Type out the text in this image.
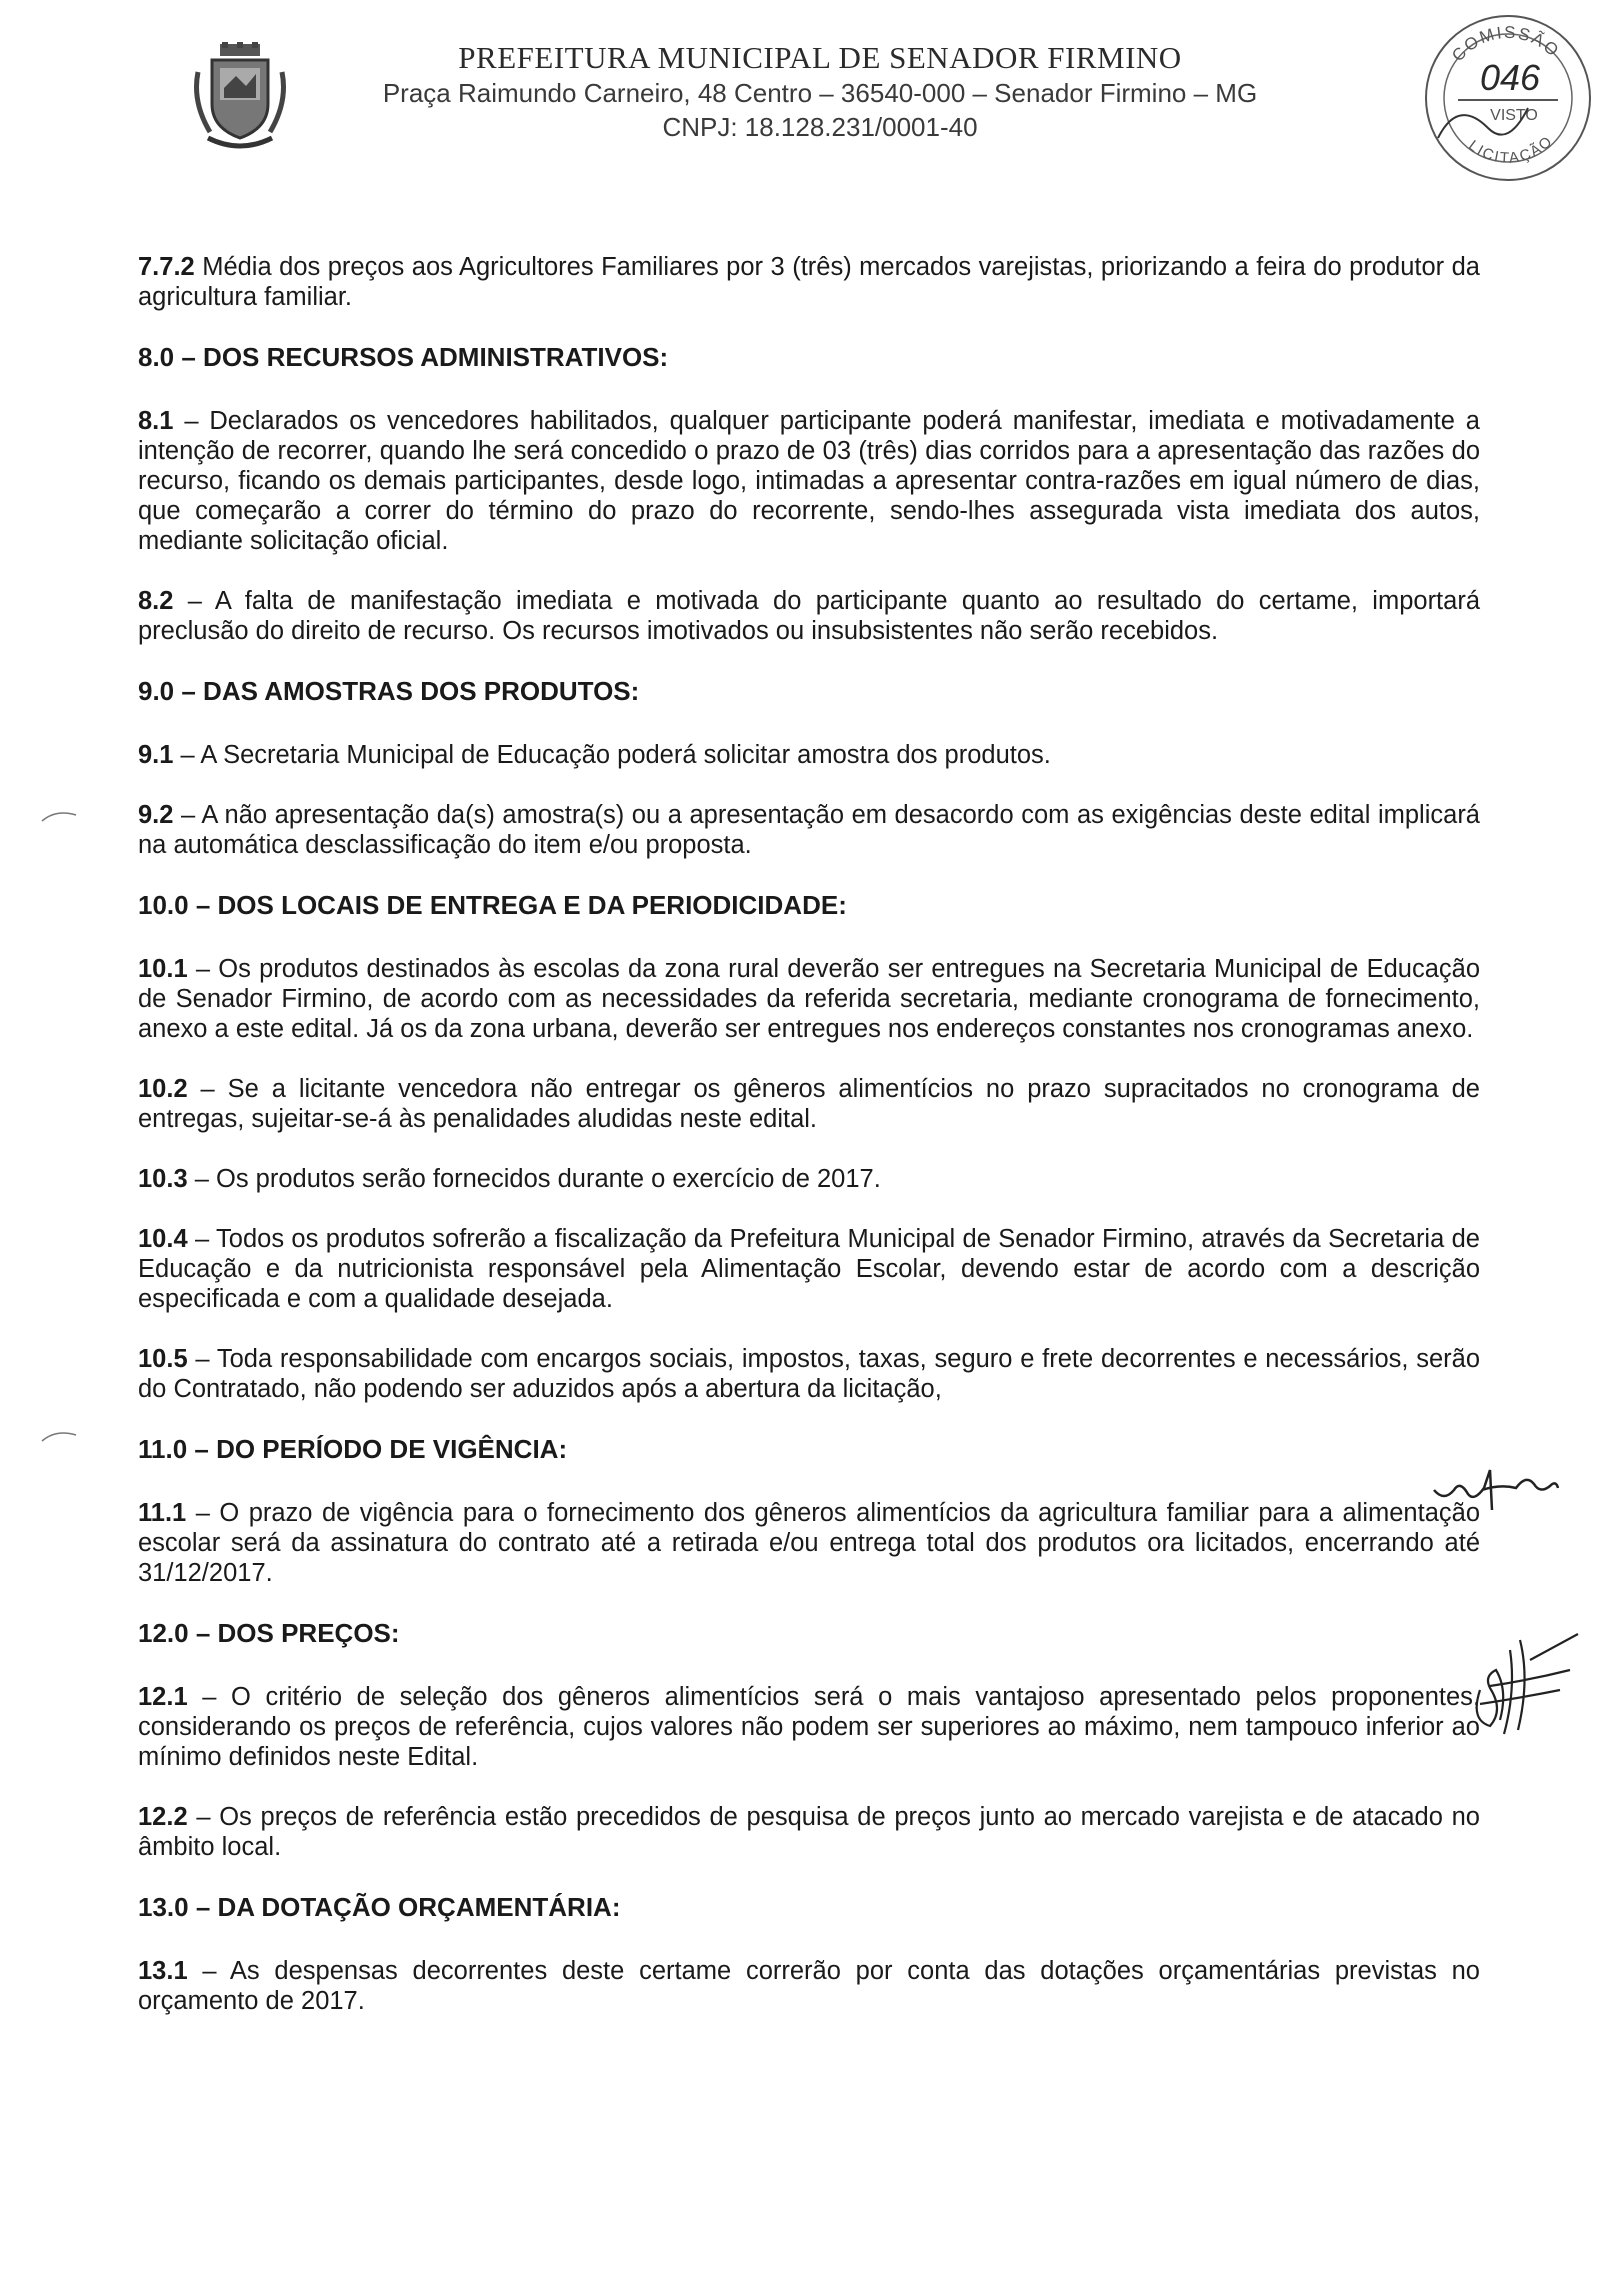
PREFEITURA MUNICIPAL DE SENADOR FIRMINO
Praça Raimundo Carneiro, 48 Centro – 36540-000 – Senador Firmino – MG
CNPJ: 18.128.231/0001-40
COMISSÃO
046
VISTO
LICITAÇÃO
7.7.2 Média dos preços aos Agricultores Familiares por 3 (três) mercados varejistas, priorizando a feira do produtor da agricultura familiar.
8.0 – DOS RECURSOS ADMINISTRATIVOS:
8.1 – Declarados os vencedores habilitados, qualquer participante poderá manifestar, imediata e motivadamente a intenção de recorrer, quando lhe será concedido o prazo de 03 (três) dias corridos para a apresentação das razões do recurso, ficando os demais participantes, desde logo, intimadas a apresentar contra-razões em igual número de dias, que começarão a correr do término do prazo do recorrente, sendo-lhes assegurada vista imediata dos autos, mediante solicitação oficial.
8.2 – A falta de manifestação imediata e motivada do participante quanto ao resultado do certame, importará preclusão do direito de recurso. Os recursos imotivados ou insubsistentes não serão recebidos.
9.0 – DAS AMOSTRAS DOS PRODUTOS:
9.1 – A Secretaria Municipal de Educação poderá solicitar amostra dos produtos.
9.2 – A não apresentação da(s) amostra(s) ou a apresentação em desacordo com as exigências deste edital implicará na automática desclassificação do item e/ou proposta.
10.0 – DOS LOCAIS DE ENTREGA E DA PERIODICIDADE:
10.1 – Os produtos destinados às escolas da zona rural deverão ser entregues na Secretaria Municipal de Educação de Senador Firmino, de acordo com as necessidades da referida secretaria, mediante cronograma de fornecimento, anexo a este edital. Já os da zona urbana, deverão ser entregues nos endereços constantes nos cronogramas anexo.
10.2 – Se a licitante vencedora não entregar os gêneros alimentícios no prazo supracitados no cronograma de entregas, sujeitar-se-á às penalidades aludidas neste edital.
10.3 – Os produtos serão fornecidos durante o exercício de 2017.
10.4 – Todos os produtos sofrerão a fiscalização da Prefeitura Municipal de Senador Firmino, através da Secretaria de Educação e da nutricionista responsável pela Alimentação Escolar, devendo estar de acordo com a descrição especificada e com a qualidade desejada.
10.5 – Toda responsabilidade com encargos sociais, impostos, taxas, seguro e frete decorrentes e necessários, serão do Contratado, não podendo ser aduzidos após a abertura da licitação,
11.0 – DO PERÍODO DE VIGÊNCIA:
11.1 – O prazo de vigência para o fornecimento dos gêneros alimentícios da agricultura familiar para a alimentação escolar será da assinatura do contrato até a retirada e/ou entrega total dos produtos ora licitados, encerrando até 31/12/2017.
12.0 – DOS PREÇOS:
12.1 – O critério de seleção dos gêneros alimentícios será o mais vantajoso apresentado pelos proponentes, considerando os preços de referência, cujos valores não podem ser superiores ao máximo, nem tampouco inferior ao mínimo definidos neste Edital.
12.2 – Os preços de referência estão precedidos de pesquisa de preços junto ao mercado varejista e de atacado no âmbito local.
13.0 – DA DOTAÇÃO ORÇAMENTÁRIA:
13.1 – As despensas decorrentes deste certame correrão por conta das dotações orçamentárias previstas no orçamento de 2017.
